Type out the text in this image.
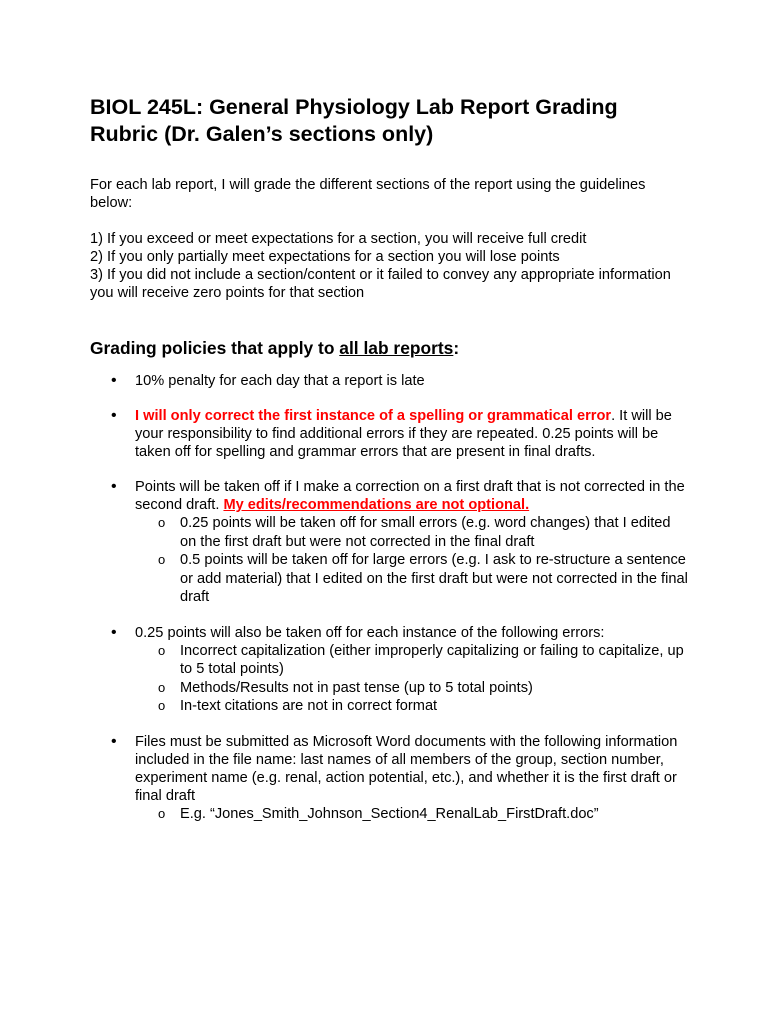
BIOL 245L: General Physiology Lab Report Grading Rubric (Dr. Galen’s sections only)

For each lab report, I will grade the different sections of the report using the guidelines below:

1) If you exceed or meet expectations for a section, you will receive full credit
2) If you only partially meet expectations for a section you will lose points
3) If you did not include a section/content or it failed to convey any appropriate information you will receive zero points for that section
Grading policies that apply to all lab reports:
• 10% penalty for each day that a report is late
• I will only correct the first instance of a spelling or grammatical error. It will be your responsibility to find additional errors if they are repeated. 0.25 points will be taken off for spelling and grammar errors that are present in final drafts.
• Points will be taken off if I make a correction on a first draft that is not corrected in the second draft. My edits/recommendations are not optional.
o 0.25 points will be taken off for small errors (e.g. word changes) that I edited on the first draft but were not corrected in the final draft
o 0.5 points will be taken off for large errors (e.g. I ask to re-structure a sentence or add material) that I edited on the first draft but were not corrected in the final draft
• 0.25 points will also be taken off for each instance of the following errors:
o Incorrect capitalization (either improperly capitalizing or failing to capitalize, up to 5 total points)
o Methods/Results not in past tense (up to 5 total points)
o In-text citations are not in correct format
• Files must be submitted as Microsoft Word documents with the following information included in the file name: last names of all members of the group, section number, experiment name (e.g. renal, action potential, etc.), and whether it is the first draft or final draft
o E.g. “Jones_Smith_Johnson_Section4_RenalLab_FirstDraft.doc”
